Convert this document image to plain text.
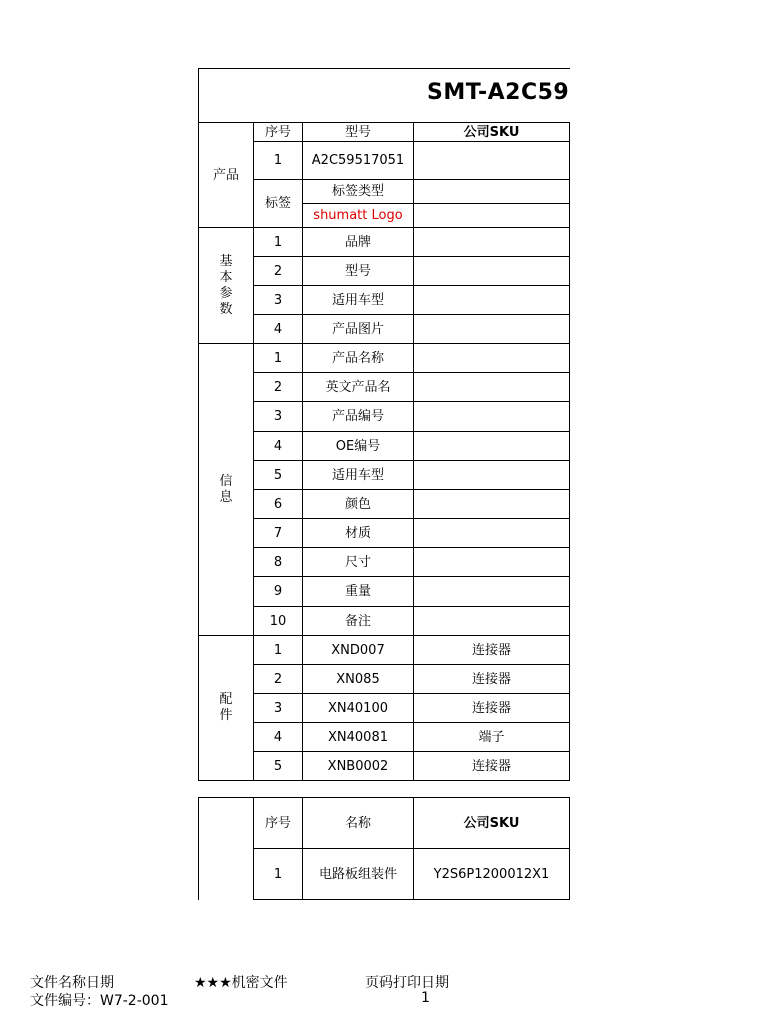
SMT-A2C59
序号	型号	公司SKU
产品
1	A2C59517051
标签
标签类型
shumatt Logo
基
本
参
数
1	品牌
2	型号
3	适用车型
4	产品图片
信
息
1	产品名称
2	英文产品名
3	产品编号
4	OE编号
5	适用车型
6	颜色
7	材质
8	尺寸
9	重量
10	备注
配
件
1	XND007	连接器
2	XN085	连接器
3	XN40100	连接器
4	XN40081	端子
5	XNB0002	连接器
序号	名称	公司SKU
1	电路板组装件	Y2S6P1200012X1
文件名称日期	★★★机密文件	页码打印日期
文件编号：W7-2-001	1
